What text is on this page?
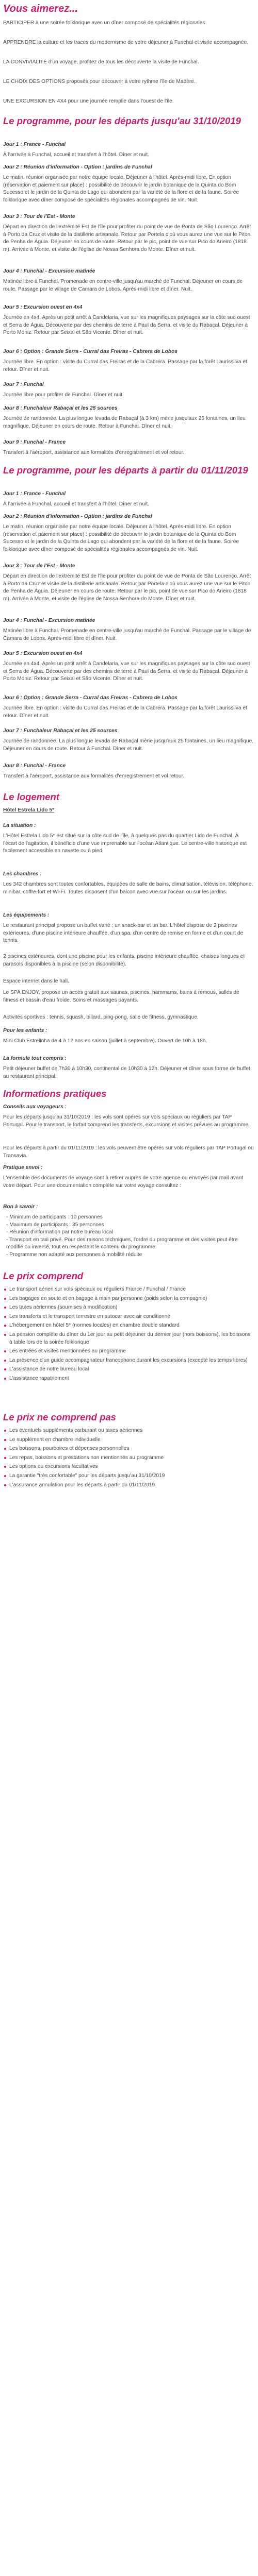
Vous aimerez...

PARTICIPER à une soirée folklorique avec un dîner composé de spécialités régionales.

APPRENDRE la culture et les traces du modernisme de votre déjeuner à Funchal et visite accompagnée.

LA CONVIVIALITÉ d'un voyage, profitez de tous les découverte la visite de Funchal.

LE CHOIX DES OPTIONS proposés pour découvrir à votre rythme l'île de Madère.

UNE EXCURSION EN 4X4 pour une journée remplie dans l'ouest de l'île.

Le programme, pour les départs jusqu'au 31/10/2019

Jour 1 : France - Funchal

À l'arrivée à Funchal, accueil et transfert à l'hôtel. Dîner et nuit.

Jour 2 : Réunion d'information - Option : jardins de Funchal

Le matin, réunion organisée par notre équipe locale. Déjeuner à l'hôtel. Après-midi libre. En option (réservation et paiement sur place) : possibilité de découvrir le jardin botanique de la Quinta do Bom Sucesso et le jardin de la Quinta de Lago qui abondent par la variété de la flore et de la faune. Soirée folklorique avec dîner composé de spécialités régionales accompagnés de vin. Nuit.

Jour 3 : Tour de l'Est - Monte

Départ en direction de l'extrémité Est de l'île pour profiter du point de vue de Ponta de São Lourenço. Arrêt à Porto da Cruz et visite de la distillerie artisanale. Retour par Portela d'où vous aurez une vue sur le Piton de Penha de Águia. Déjeuner en cours de route. Retour par le pic, point de vue sur Pico do Arieiro (1818 m). Arrivée à Monte, et visite de l'église de Nossa Senhora do Monte. Dîner et nuit.

Jour 4 : Funchal - Excursion matinée

Matinée libre à Funchal. Promenade en centre-ville jusqu'au marché de Funchal. Déjeuner en cours de route. Passage par le village de Camara de Lobos. Après-midi libre et dîner. Nuit.

Jour 5 : Excursion ouest en 4x4

Journée en 4x4. Après un petit arrêt à Candelaria, vue sur les magnifiques paysages sur la côte sud ouest et Serra de Água. Découverte par des chemins de terre à Paul da Serra, et visite du Rabaçal. Déjeuner à Porto Moniz. Retour par Seixal et São Vicente. Dîner et nuit.

Jour 6 : Option : Grande Serra - Curral das Freiras - Cabrera de Lobos

Journée libre. En option : visite du Curral das Freiras et de la Cabrera. Passage par la forêt Laurissilva et retour. Dîner et nuit.

Jour 7 : Funchal

Journée libre pour profiter de Funchal. Dîner et nuit.

Jour 8 : Funchaleur Rabaçal et les 25 sources

Journée de randonnée. La plus longue levada de Rabaçal (à 3 km) mène jusqu'aux 25 fontaines, un lieu magnifique. Déjeuner en cours de route. Retour à Funchal. Dîner et nuit.

Jour 9 : Funchal - France

Transfert à l'aéroport, assistance aux formalités d'enregistrement et vol retour.

Le programme, pour les départs à partir du 01/11/2019

Jour 1 : France - Funchal

À l'arrivée à Funchal, accueil et transfert à l'hôtel. Dîner et nuit.

Jour 2 : Réunion d'information - Option : jardins de Funchal

Le matin, réunion organisée par notre équipe locale. Déjeuner à l'hôtel. Après-midi libre. En option (réservation et paiement sur place) : possibilité de découvrir le jardin botanique de la Quinta do Bom Sucesso et le jardin de la Quinta de Lago qui abondent par la variété de la flore et de la faune. Soirée folklorique avec dîner composé de spécialités régionales accompagnés de vin. Nuit.

Jour 3 : Tour de l'Est - Monte

Départ en direction de l'extrémité Est de l'île pour profiter du point de vue de Ponta de São Lourenço. Arrêt à Porto da Cruz et visite de la distillerie artisanale. Retour par Portela d'où vous aurez une vue sur le Piton de Penha de Águia. Déjeuner en cours de route. Retour par le pic, point de vue sur Pico do Arieiro (1818 m). Arrivée à Monte, et visite de l'église de Nossa Senhora do Monte. Dîner et nuit.

Jour 4 : Funchal - Excursion matinée

Matinée libre à Funchal. Promenade en centre-ville jusqu'au marché de Funchal. Passage par le village de Camara de Lobos. Après-midi libre et dîner. Nuit.

Jour 5 : Excursion ouest en 4x4

Journée en 4x4. Après un petit arrêt à Candelaria, vue sur les magnifiques paysages sur la côte sud ouest et Serra de Água. Découverte par des chemins de terre à Paul da Serra, et visite du Rabaçal. Déjeuner à Porto Moniz. Retour par Seixal et São Vicente. Dîner et nuit.

Jour 6 : Option : Grande Serra - Curral das Freiras - Cabrera de Lobos

Journée libre. En option : visite du Curral das Freiras et de la Cabrera. Passage par la forêt Laurissilva et retour. Dîner et nuit.

Jour 7 : Funchaleur Rabaçal et les 25 sources

Journée de randonnée. La plus longue levada de Rabaçal mène jusqu'aux 25 fontaines, un lieu magnifique. Déjeuner en cours de route. Retour à Funchal. Dîner et nuit.

Jour 8 : Funchal - France

Transfert à l'aéroport, assistance aux formalités d'enregistrement et vol retour.

Le logement

Hôtel Estrela Lido 5*

La situation :

L'Hôtel Estrela Lido 5* est situé sur la côte sud de l'île, à quelques pas du quartier Lido de Funchal. À l'écart de l'agitation, il bénéficie d'une vue imprenable sur l'océan Atlantique. Le centre-ville historique est facilement accessible en navette ou à pied.

Les chambres :

Les 342 chambres sont toutes confortables, équipées de salle de bains, climatisation, télévision, téléphone, minibar, coffre-fort et Wi-Fi. Toutes disposent d'un balcon avec vue sur l'océan ou sur les jardins.

Les équipements :

Le restaurant principal propose un buffet varié ; un snack-bar et un bar. L'hôtel dispose de 2 piscines extérieures, d'une piscine intérieure chauffée, d'un spa, d'un centre de remise en forme et d'un court de tennis.

2 piscines extérieures, dont une piscine pour les enfants, piscine intérieure chauffée, chaises longues et parasols disponibles à la piscine (selon disponibilité).

Espace internet dans le hall.

Le SPA ENJOY, propose un accès gratuit aux saunas, piscines, hammams, bains à remous, salles de fitness et bassin d'eau froide. Soins et massages payants.

Activités sportives : tennis, squash, billard, ping-pong, salle de fitness, gymnastique.

Pour les enfants :

Mini Club Estrelinha de 4 à 12 ans en saison (juillet à septembre). Ouvert de 10h à 18h.

La formule tout compris :

Petit déjeuner buffet de 7h30 à 10h30, continental de 10h30 à 12h. Déjeuner et dîner sous forme de buffet au restaurant principal.

Informations pratiques

Conseils aux voyageurs :

Pour les départs jusqu'au 31/10/2019 : les vols sont opérés sur vols spéciaux ou réguliers par TAP Portugal. Pour le transport, le forfait comprend les transferts, excursions et visites prévues au programme.

Pour les départs à partir du 01/11/2019 : les vols peuvent être opérés sur vols réguliers par TAP Portugal ou Transavia.

Pratique envoi :

L'ensemble des documents de voyage sont à retirer auprès de votre agence ou envoyés par mail avant votre départ. Pour une documentation complète sur votre voyage consultez :

Bon à savoir :

- Minimum de participants : 10 personnes
- Maximum de participants : 35 personnes
- Réunion d'information par notre bureau local
- Transport en taxi privé. Pour des raisons techniques, l'ordre du programme et des visites peut être modifié ou inversé, tout en respectant le contenu du programme.
- Programme non adapté aux personnes à mobilité réduite
Le prix comprend
Le transport aérien sur vols spéciaux ou réguliers France / Funchal / France
Les bagages en soute et en bagage à main par personne (poids selon la compagnie)
Les taxes aériennes (soumises à modification)
Les transferts et le transport terrestre en autocar avec air conditionné
L'hébergement en hôtel 5* (normes locales) en chambre double standard
La pension complète du dîner du 1er jour au petit déjeuner du dernier jour (hors boissons), les boissons à table lors de la soirée folklorique
Les entrées et visites mentionnées au programme
La présence d'un guide accompagnateur francophone durant les excursions (excepté les temps libres)
L'assistance de notre bureau local
L'assistance rapatriement
Le prix ne comprend pas
Les éventuels suppléments carburant ou taxes aériennes
Le supplément en chambre individuelle
Les boissons, pourboires et dépenses personnelles
Les repas, boissons et prestations non mentionnés au programme
Les options ou excursions facultatives
La garantie "très confortable" pour les départs jusqu'au 31/10/2019
L'assurance annulation pour les départs à partir du 01/11/2019
